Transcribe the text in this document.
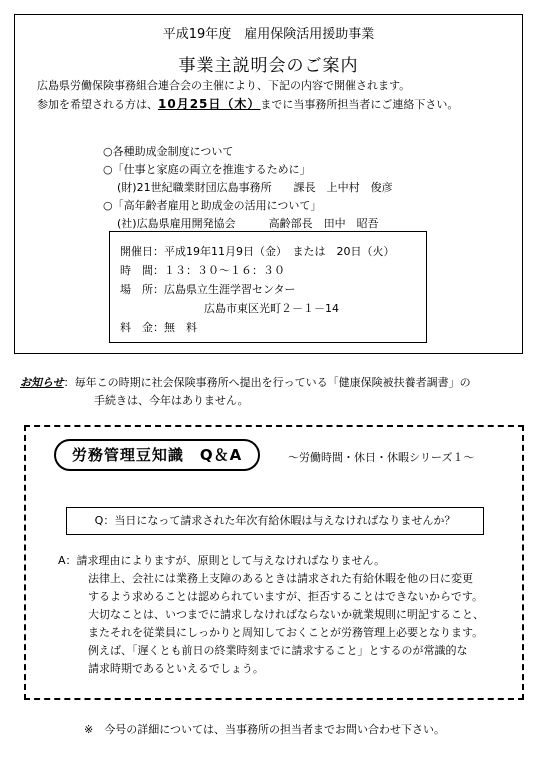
平成19年度　雇用保険活用援助事業
事業主説明会のご案内
広島県労働保険事務組合連合会の主催により、下記の内容で開催されます。
参加を希望される方は、10月25日（木）までに当事務所担当者にご連絡下さい。
○各種助成金制度について
○「仕事と家庭の両立を推進するために」
(財)21世紀職業財団広島事務所　　課長　上中村　俊彦
○「高年齢者雇用と助成金の活用について」
(社)広島県雇用開発協会　　　高齢部長　田中　昭吾
開催日：平成19年11月9日（金）　または　20日（火）
時　間：１３：３０～１６：３０
場　所：広島県立生涯学習センター
広島市東区光町２－１－14
料　金：無　料
お知らせ：毎年この時期に社会保険事務所へ提出を行っている「健康保険被扶養者調書」の
手続きは、今年はありません。
労務管理豆知識　Q＆A	～労働時間・休日・休暇シリーズ１～
Q：当日になって請求された年次有給休暇は与えなければなりませんか？
A：請求理由によりますが、原則として与えなければなりません。
法律上、会社には業務上支障のあるときは請求された有給休暇を他の日に変更
するよう求めることは認められていますが、拒否することはできないからです。
大切なことは、いつまでに請求しなければならないか就業規則に明記すること、
またそれを従業員にしっかりと周知しておくことが労務管理上必要となります。
例えば、「遅くとも前日の終業時刻までに請求すること」とするのが常識的な
請求時期であるといえるでしょう。
※　今号の詳細については、当事務所の担当者までお問い合わせ下さい。
